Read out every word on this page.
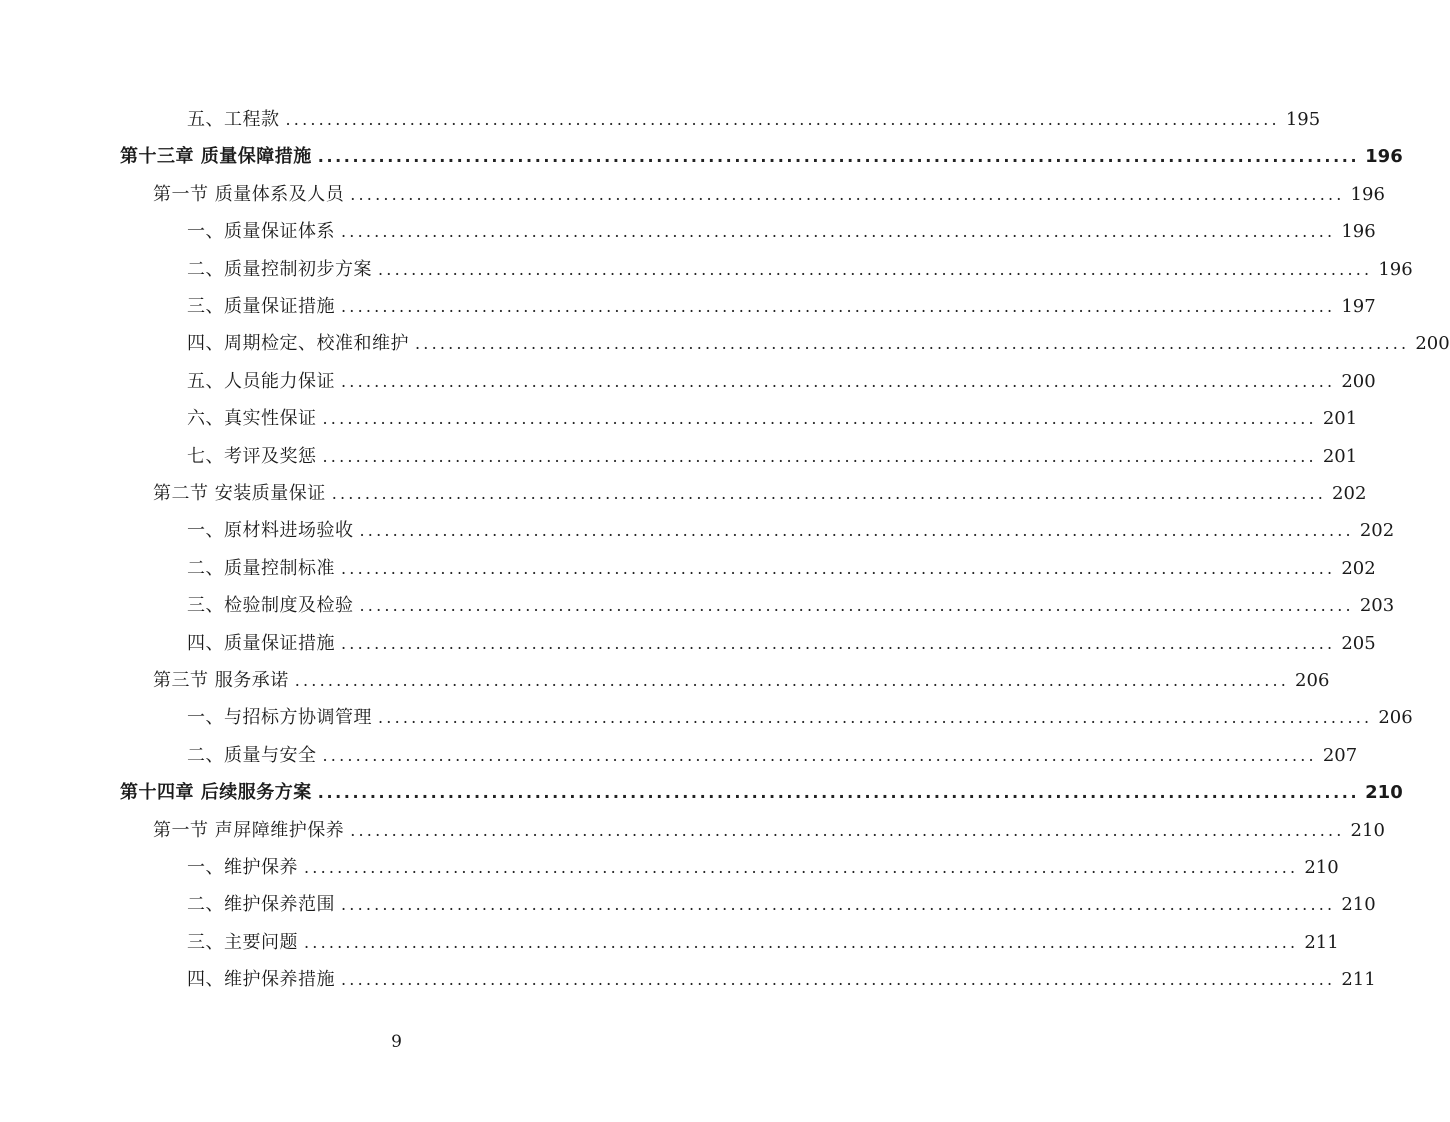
五、工程款 ........................................................................................................................ 195
第十三章 质量保障措施 ........................................................................................................................ 196
第一节 质量体系及人员 ........................................................................................................................ 196
一、质量保证体系 ........................................................................................................................ 196
二、质量控制初步方案 ........................................................................................................................ 196
三、质量保证措施 ........................................................................................................................ 197
四、周期检定、校准和维护 ........................................................................................................................ 200
五、人员能力保证 ........................................................................................................................ 200
六、真实性保证 ........................................................................................................................ 201
七、考评及奖惩 ........................................................................................................................ 201
第二节 安装质量保证 ........................................................................................................................ 202
一、原材料进场验收 ........................................................................................................................ 202
二、质量控制标准 ........................................................................................................................ 202
三、检验制度及检验 ........................................................................................................................ 203
四、质量保证措施 ........................................................................................................................ 205
第三节 服务承诺 ........................................................................................................................ 206
一、与招标方协调管理 ........................................................................................................................ 206
二、质量与安全 ........................................................................................................................ 207
第十四章 后续服务方案 ........................................................................................................................ 210
第一节 声屏障维护保养 ........................................................................................................................ 210
一、维护保养 ........................................................................................................................ 210
二、维护保养范围 ........................................................................................................................ 210
三、主要问题 ........................................................................................................................ 211
四、维护保养措施 ........................................................................................................................ 211
9
